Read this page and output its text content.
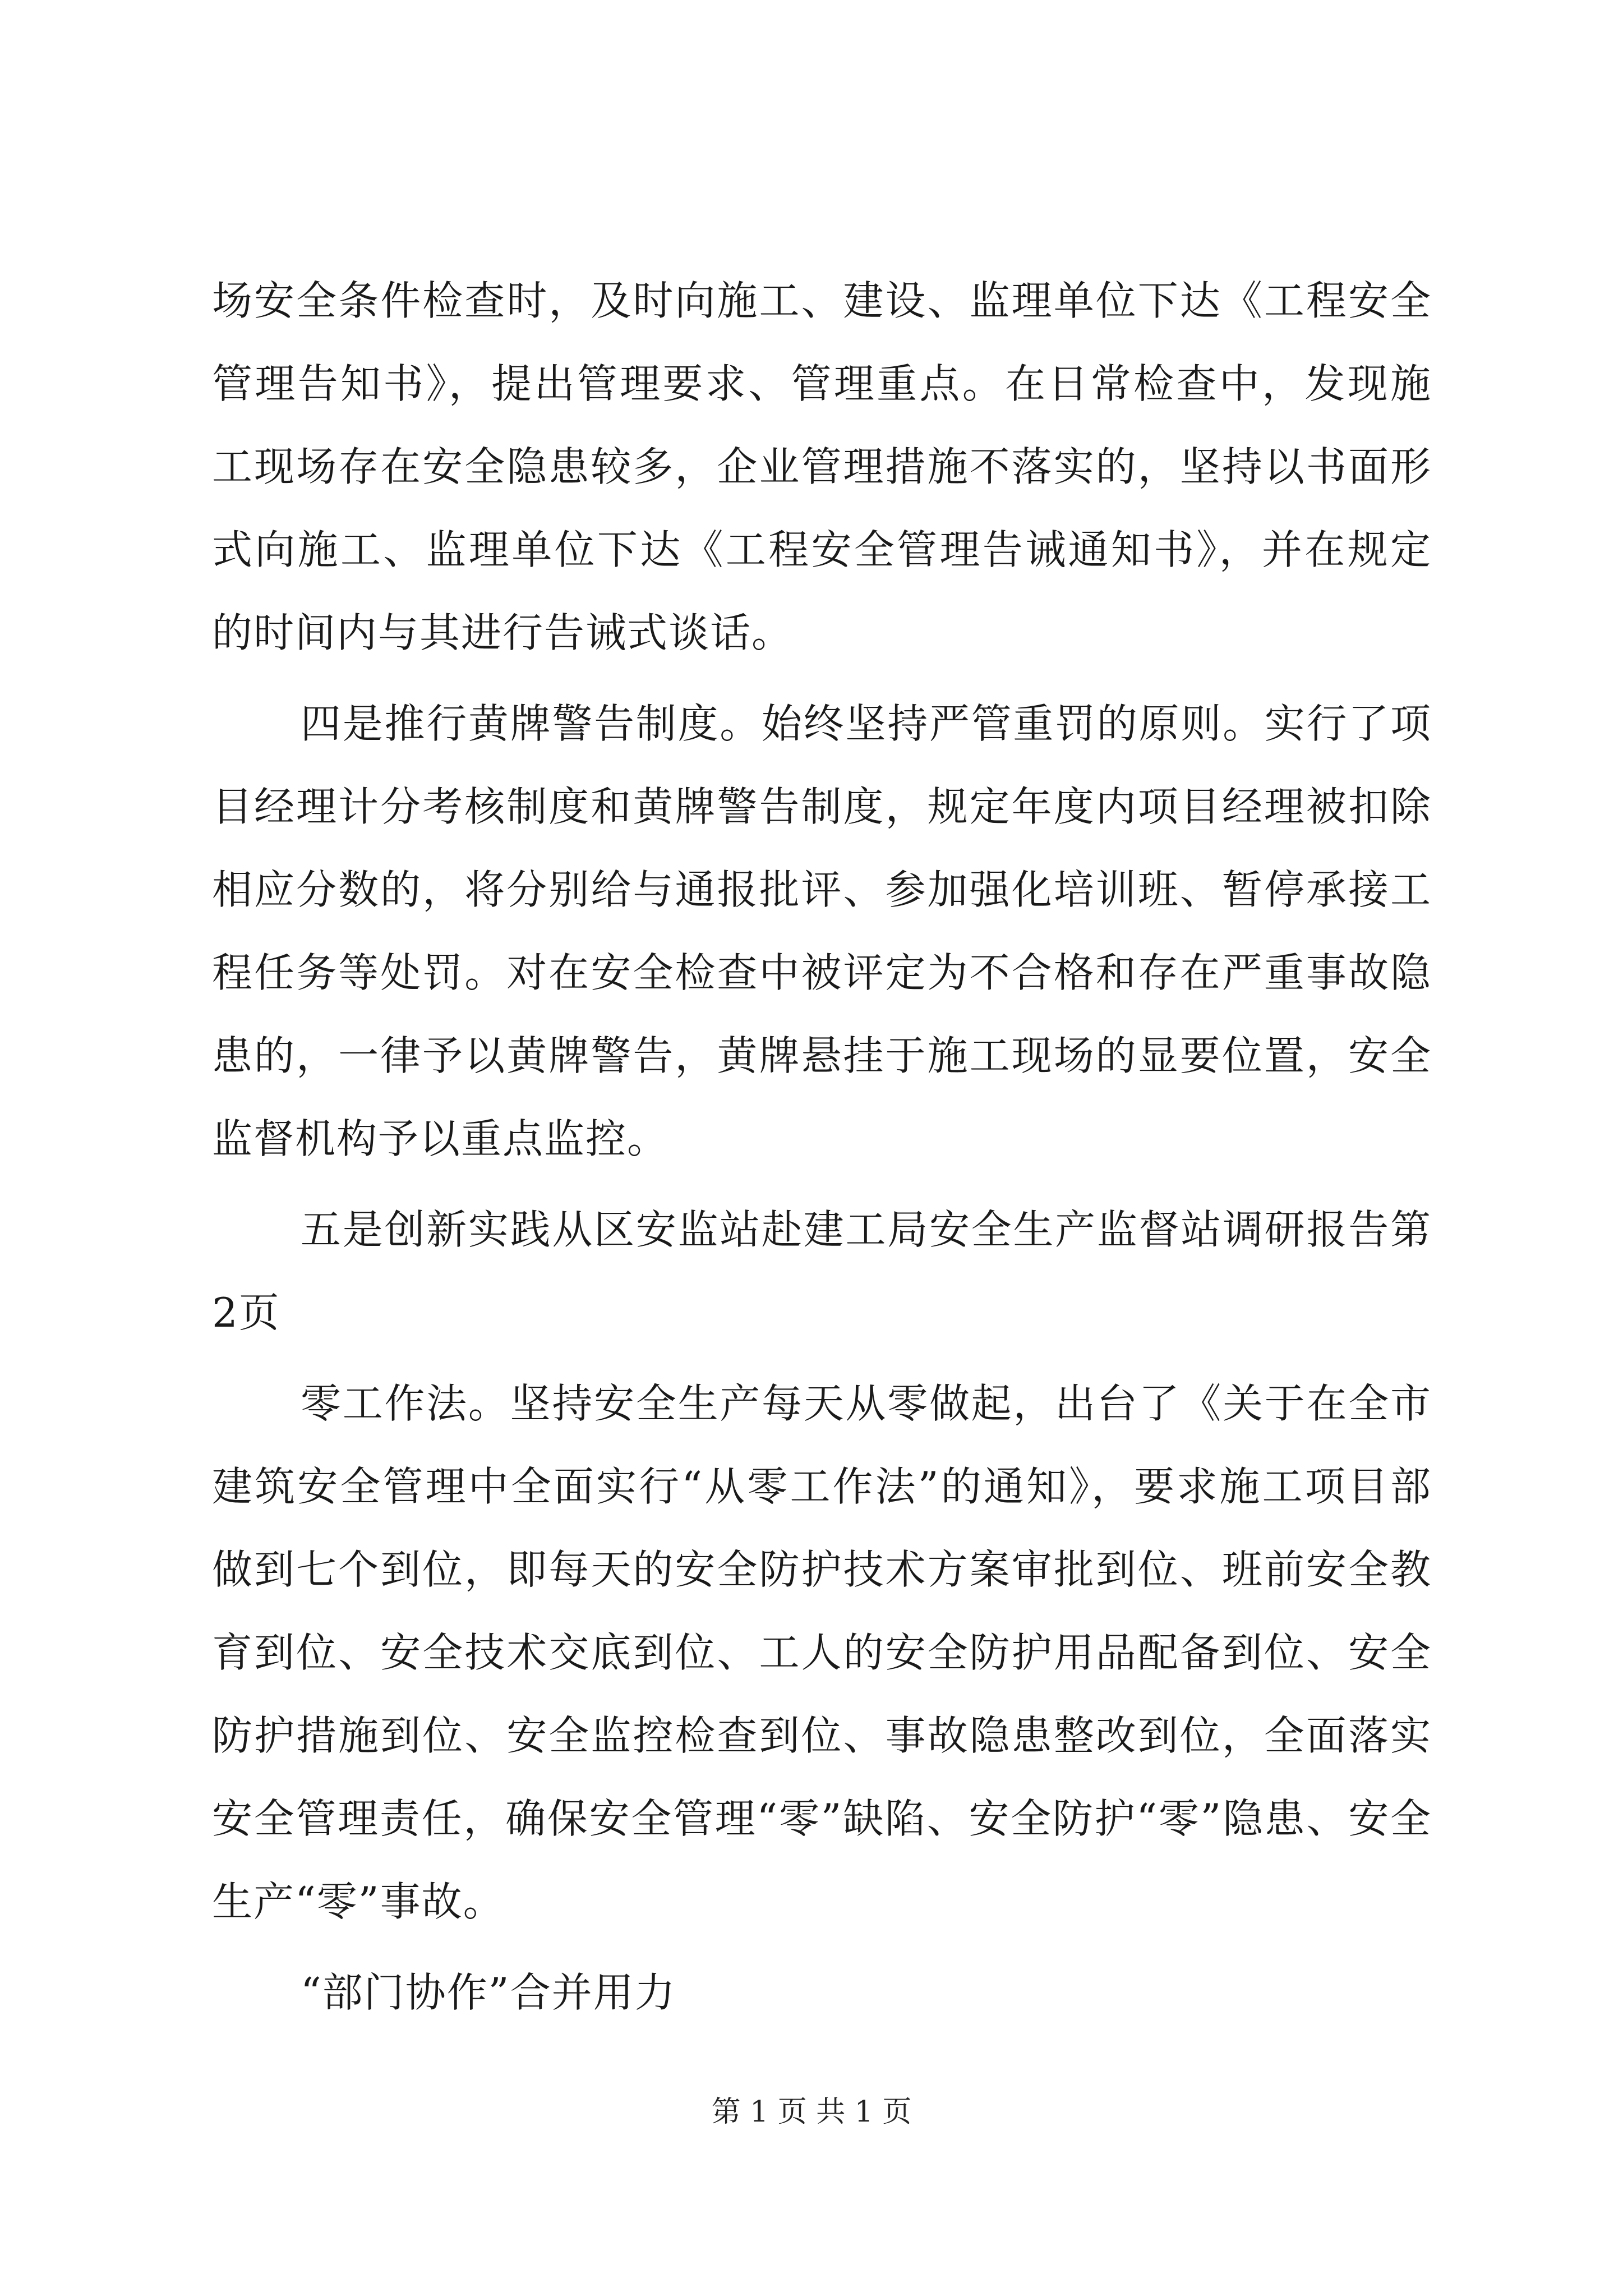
场安全条件检查时，及时向施工、建设、监理单位下达《工程安全管理告知书》，提出管理要求、管理重点。在日常检查中，发现施工现场存在安全隐患较多，企业管理措施不落实的，坚持以书面形式向施工、监理单位下达《工程安全管理告诫通知书》，并在规定的时间内与其进行告诫式谈话。

四是推行黄牌警告制度。始终坚持严管重罚的原则。实行了项目经理计分考核制度和黄牌警告制度，规定年度内项目经理被扣除相应分数的，将分别给与通报批评、参加强化培训班、暂停承接工程任务等处罚。对在安全检查中被评定为不合格和存在严重事故隐患的，一律予以黄牌警告，黄牌悬挂于施工现场的显要位置，安全监督机构予以重点监控。

五是创新实践从区安监站赴建工局安全生产监督站调研报告第2页

零工作法。坚持安全生产每天从零做起，出台了《关于在全市建筑安全管理中全面实行“从零工作法”的通知》，要求施工项目部做到七个到位，即每天的安全防护技术方案审批到位、班前安全教育到位、安全技术交底到位、工人的安全防护用品配备到位、安全防护措施到位、安全监控检查到位、事故隐患整改到位，全面落实安全管理责任，确保安全管理“零”缺陷、安全防护“零”隐患、安全生产“零”事故。

“部门协作”合并用力

第 1 页 共 1 页
